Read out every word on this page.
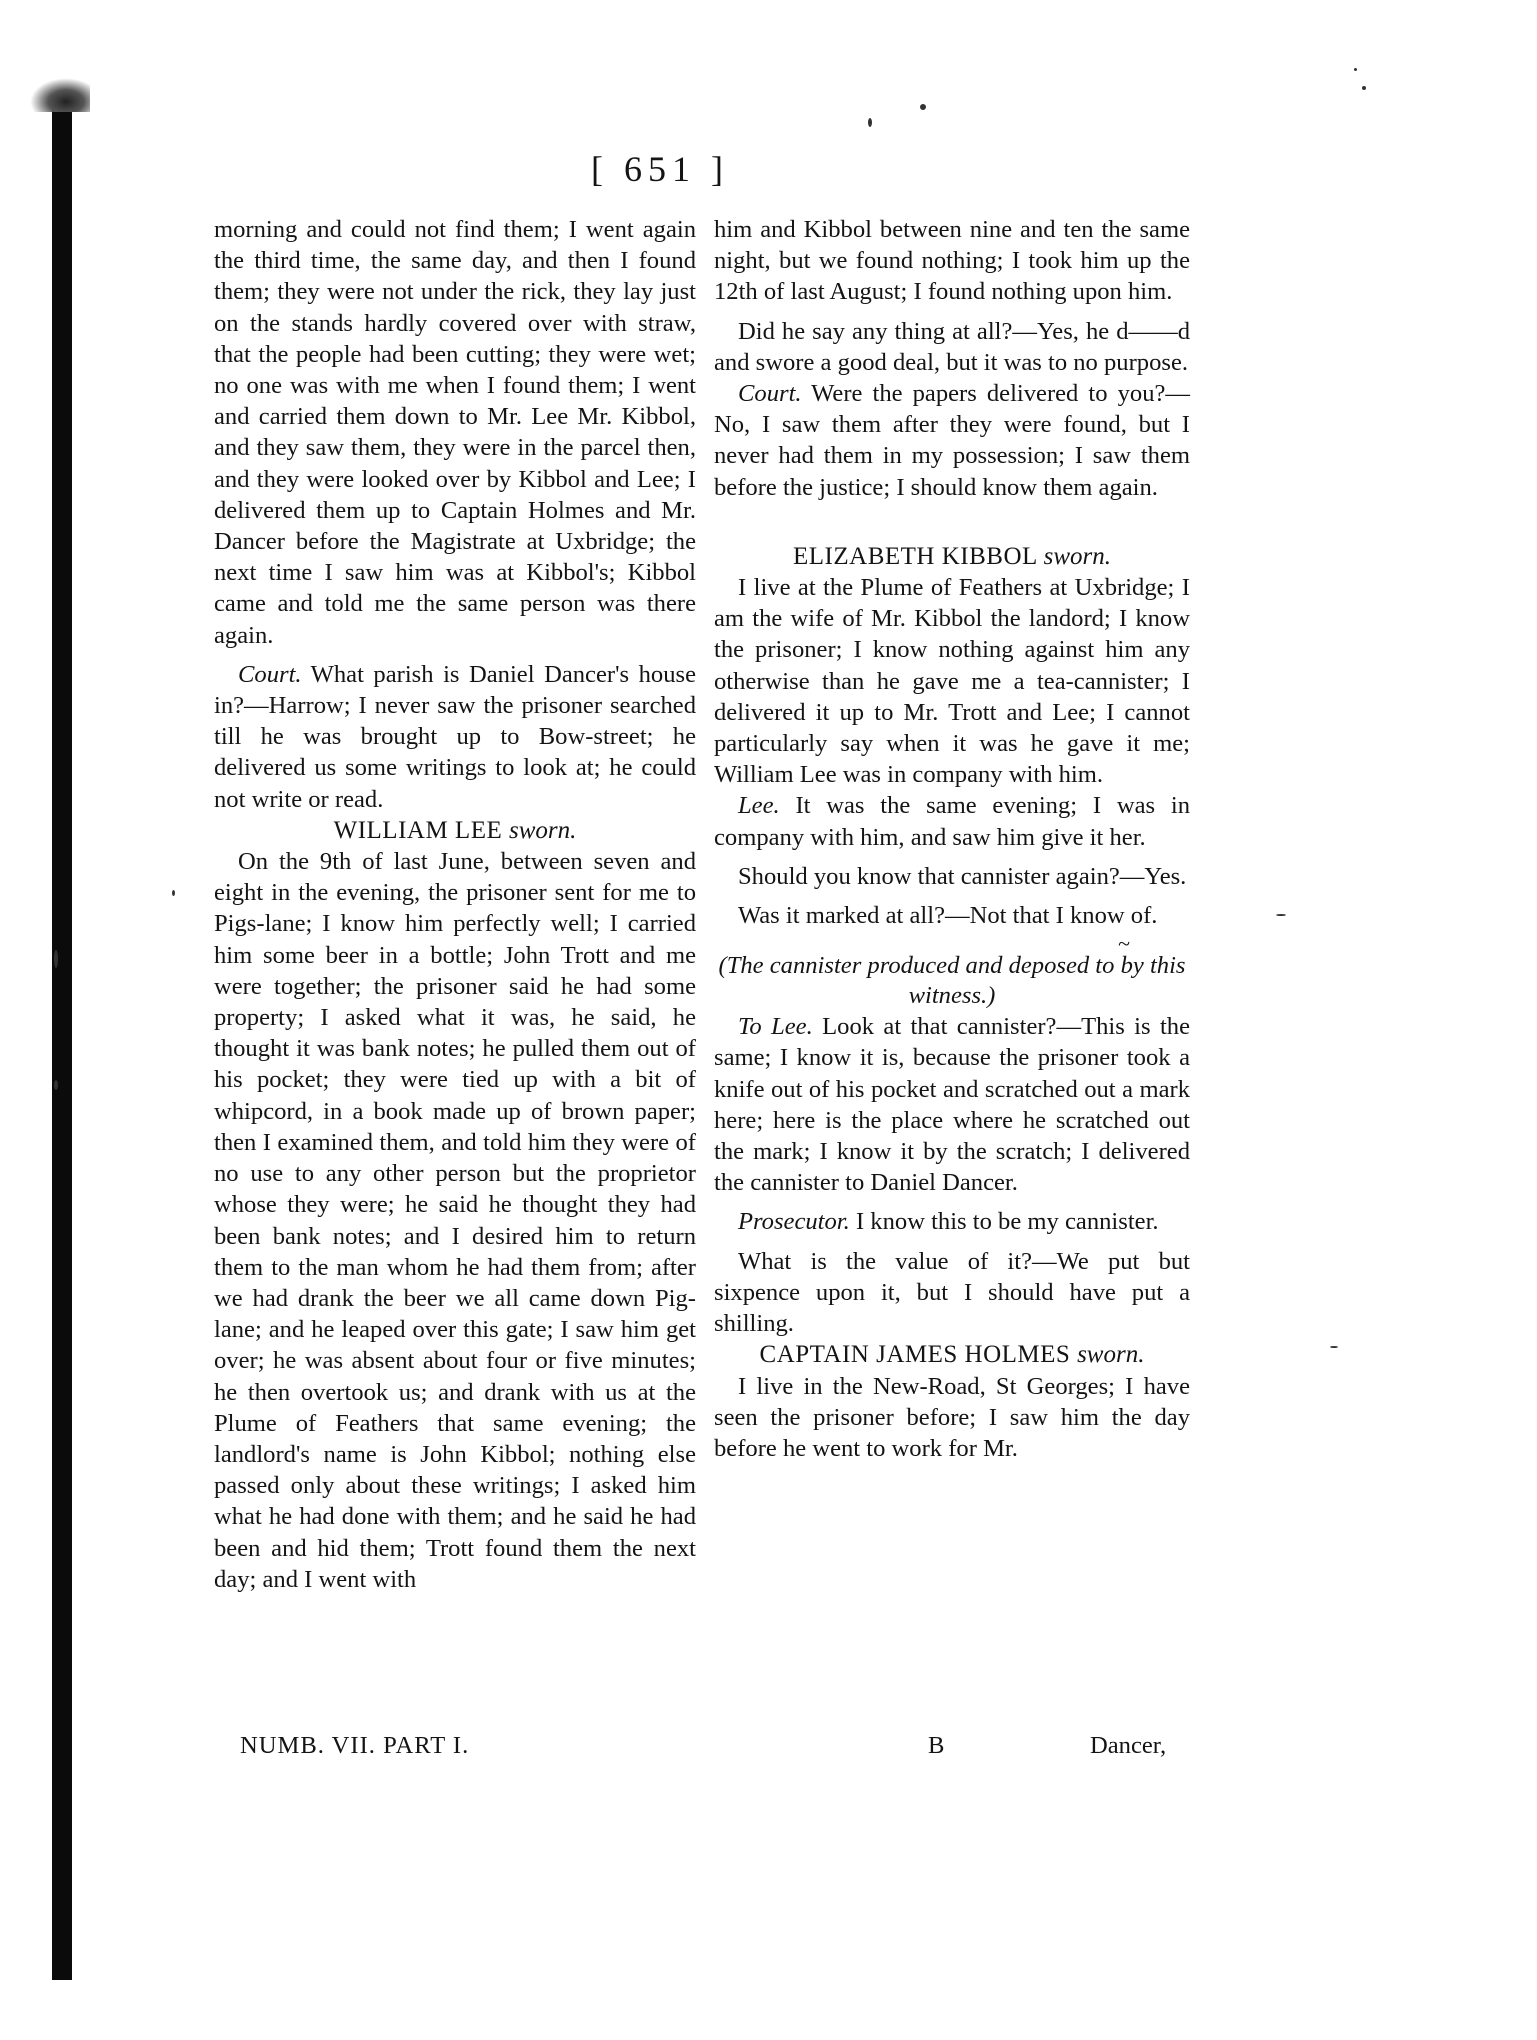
[ 651 ]

morning and could not find them; I went again the third time, the same day, and then I found them; they were not under the rick, they lay just on the stands hardly covered over with straw, that the people had been cutting; they were wet; no one was with me when I found them; I went and carried them down to Mr. Lee Mr. Kibbol, and they saw them, they were in the parcel then, and they were looked over by Kibbol and Lee; I delivered them up to Captain Holmes and Mr. Dancer before the Magistrate at Uxbridge; the next time I saw him was at Kibbol's; Kibbol came and told me the same person was there again.

Court. What parish is Daniel Dancer's house in?—Harrow; I never saw the prisoner searched till he was brought up to Bow-street; he delivered us some writings to look at; he could not write or read.

WILLIAM LEE sworn.

On the 9th of last June, between seven and eight in the evening, the prisoner sent for me to Pigs-lane; I know him perfectly well; I carried him some beer in a bottle; John Trott and me were together; the prisoner said he had some property; I asked what it was, he said, he thought it was bank notes; he pulled them out of his pocket; they were tied up with a bit of whipcord, in a book made up of brown paper; then I examined them, and told him they were of no use to any other person but the proprietor whose they were; he said he thought they had been bank notes; and I desired him to return them to the man whom he had them from; after we had drank the beer we all came down Pig-lane; and he leaped over this gate; I saw him get over; he was absent about four or five minutes; he then overtook us; and drank with us at the Plume of Feathers that same evening; the landlord's name is John Kibbol; nothing else passed only about these writings; I asked him what he had done with them; and he said he had been and hid them; Trott found them the next day; and I went with

him and Kibbol between nine and ten the same night, but we found nothing; I took him up the 12th of last August; I found nothing upon him.

Did he say any thing at all?—Yes, he d——d and swore a good deal, but it was to no purpose.

Court. Were the papers delivered to you?—No, I saw them after they were found, but I never had them in my possession; I saw them before the justice; I should know them again.

ELIZABETH KIBBOL sworn.

I live at the Plume of Feathers at Uxbridge; I am the wife of Mr. Kibbol the landord; I know the prisoner; I know nothing against him any otherwise than he gave me a tea-cannister; I delivered it up to Mr. Trott and Lee; I cannot particularly say when it was he gave it me; William Lee was in company with him.

Lee. It was the same evening; I was in company with him, and saw him give it her.

Should you know that cannister again?—Yes.

Was it marked at all?—Not that I know of.

~

(The cannister produced and deposed to by this witness.)

To Lee. Look at that cannister?—This is the same; I know it is, because the prisoner took a knife out of his pocket and scratched out a mark here; here is the place where he scratched out the mark; I know it by the scratch; I delivered the cannister to Daniel Dancer.

Prosecutor. I know this to be my cannister.

What is the value of it?—We put but sixpence upon it, but I should have put a shilling.

CAPTAIN JAMES HOLMES sworn.

I live in the New-Road, St Georges; I have seen the prisoner before; I saw him the day before he went to work for Mr.

NUMB. VII. PART I.	B	Dancer,
